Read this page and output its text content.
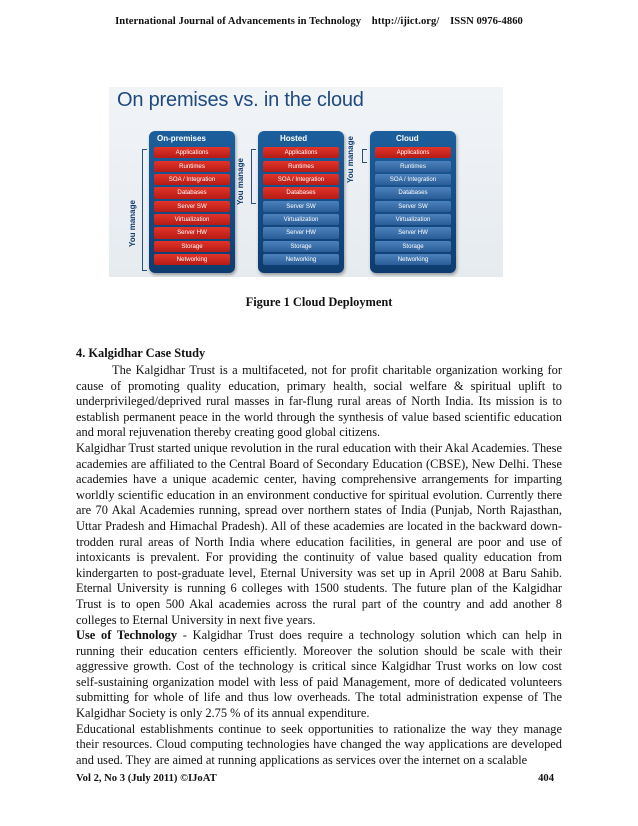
International Journal of Advancements in Technology http://ijict.org/ ISSN 0976-4860
On premises vs. in the cloud
You manage
On-premises
Applications
Runtimes
SOA / Integration
Databases
Server SW
Virtualization
Server HW
Storage
Networking
You manage
Hosted
Applications
Runtimes
SOA / Integration
Databases
Server SW
Virtualization
Server HW
Storage
Networking
You manage	Cloud
Applications
Runtimes
SOA / Integration
Databases
Server SW
Virtualization
Server HW
Storage
Networking
Figure 1 Cloud Deployment
4. Kalgidhar Case Study

The Kalgidhar Trust is a multifaceted, not for profit charitable organization working for cause of promoting quality education, primary health, social welfare & spiritual uplift to underprivileged/deprived rural masses in far-flung rural areas of North India. Its mission is to establish permanent peace in the world through the synthesis of value based scientific education and moral rejuvenation thereby creating good global citizens.

Kalgidhar Trust started unique revolution in the rural education with their Akal Academies. These academies are affiliated to the Central Board of Secondary Education (CBSE), New Delhi. These academies have a unique academic center, having comprehensive arrangements for imparting worldly scientific education in an environment conductive for spiritual evolution. Currently there are 70 Akal Academies running, spread over northern states of India (Punjab, North Rajasthan, Uttar Pradesh and Himachal Pradesh). All of these academies are located in the backward down-trodden rural areas of North India where education facilities, in general are poor and use of intoxicants is prevalent. For providing the continuity of value based quality education from kindergarten to post-graduate level, Eternal University was set up in April 2008 at Baru Sahib. Eternal University is running 6 colleges with 1500 students. The future plan of the Kalgidhar Trust is to open 500 Akal academies across the rural part of the country and add another 8 colleges to Eternal University in next five years.

Use of Technology - Kalgidhar Trust does require a technology solution which can help in running their education centers efficiently. Moreover the solution should be scale with their aggressive growth. Cost of the technology is critical since Kalgidhar Trust works on low cost self-sustaining organization model with less of paid Management, more of dedicated volunteers submitting for whole of life and thus low overheads. The total administration expense of The Kalgidhar Society is only 2.75 % of its annual expenditure.

Educational establishments continue to seek opportunities to rationalize the way they manage their resources. Cloud computing technologies have changed the way applications are developed and used. They are aimed at running applications as services over the internet on a scalable

Vol 2, No 3 (July 2011) ©IJoAT	404
